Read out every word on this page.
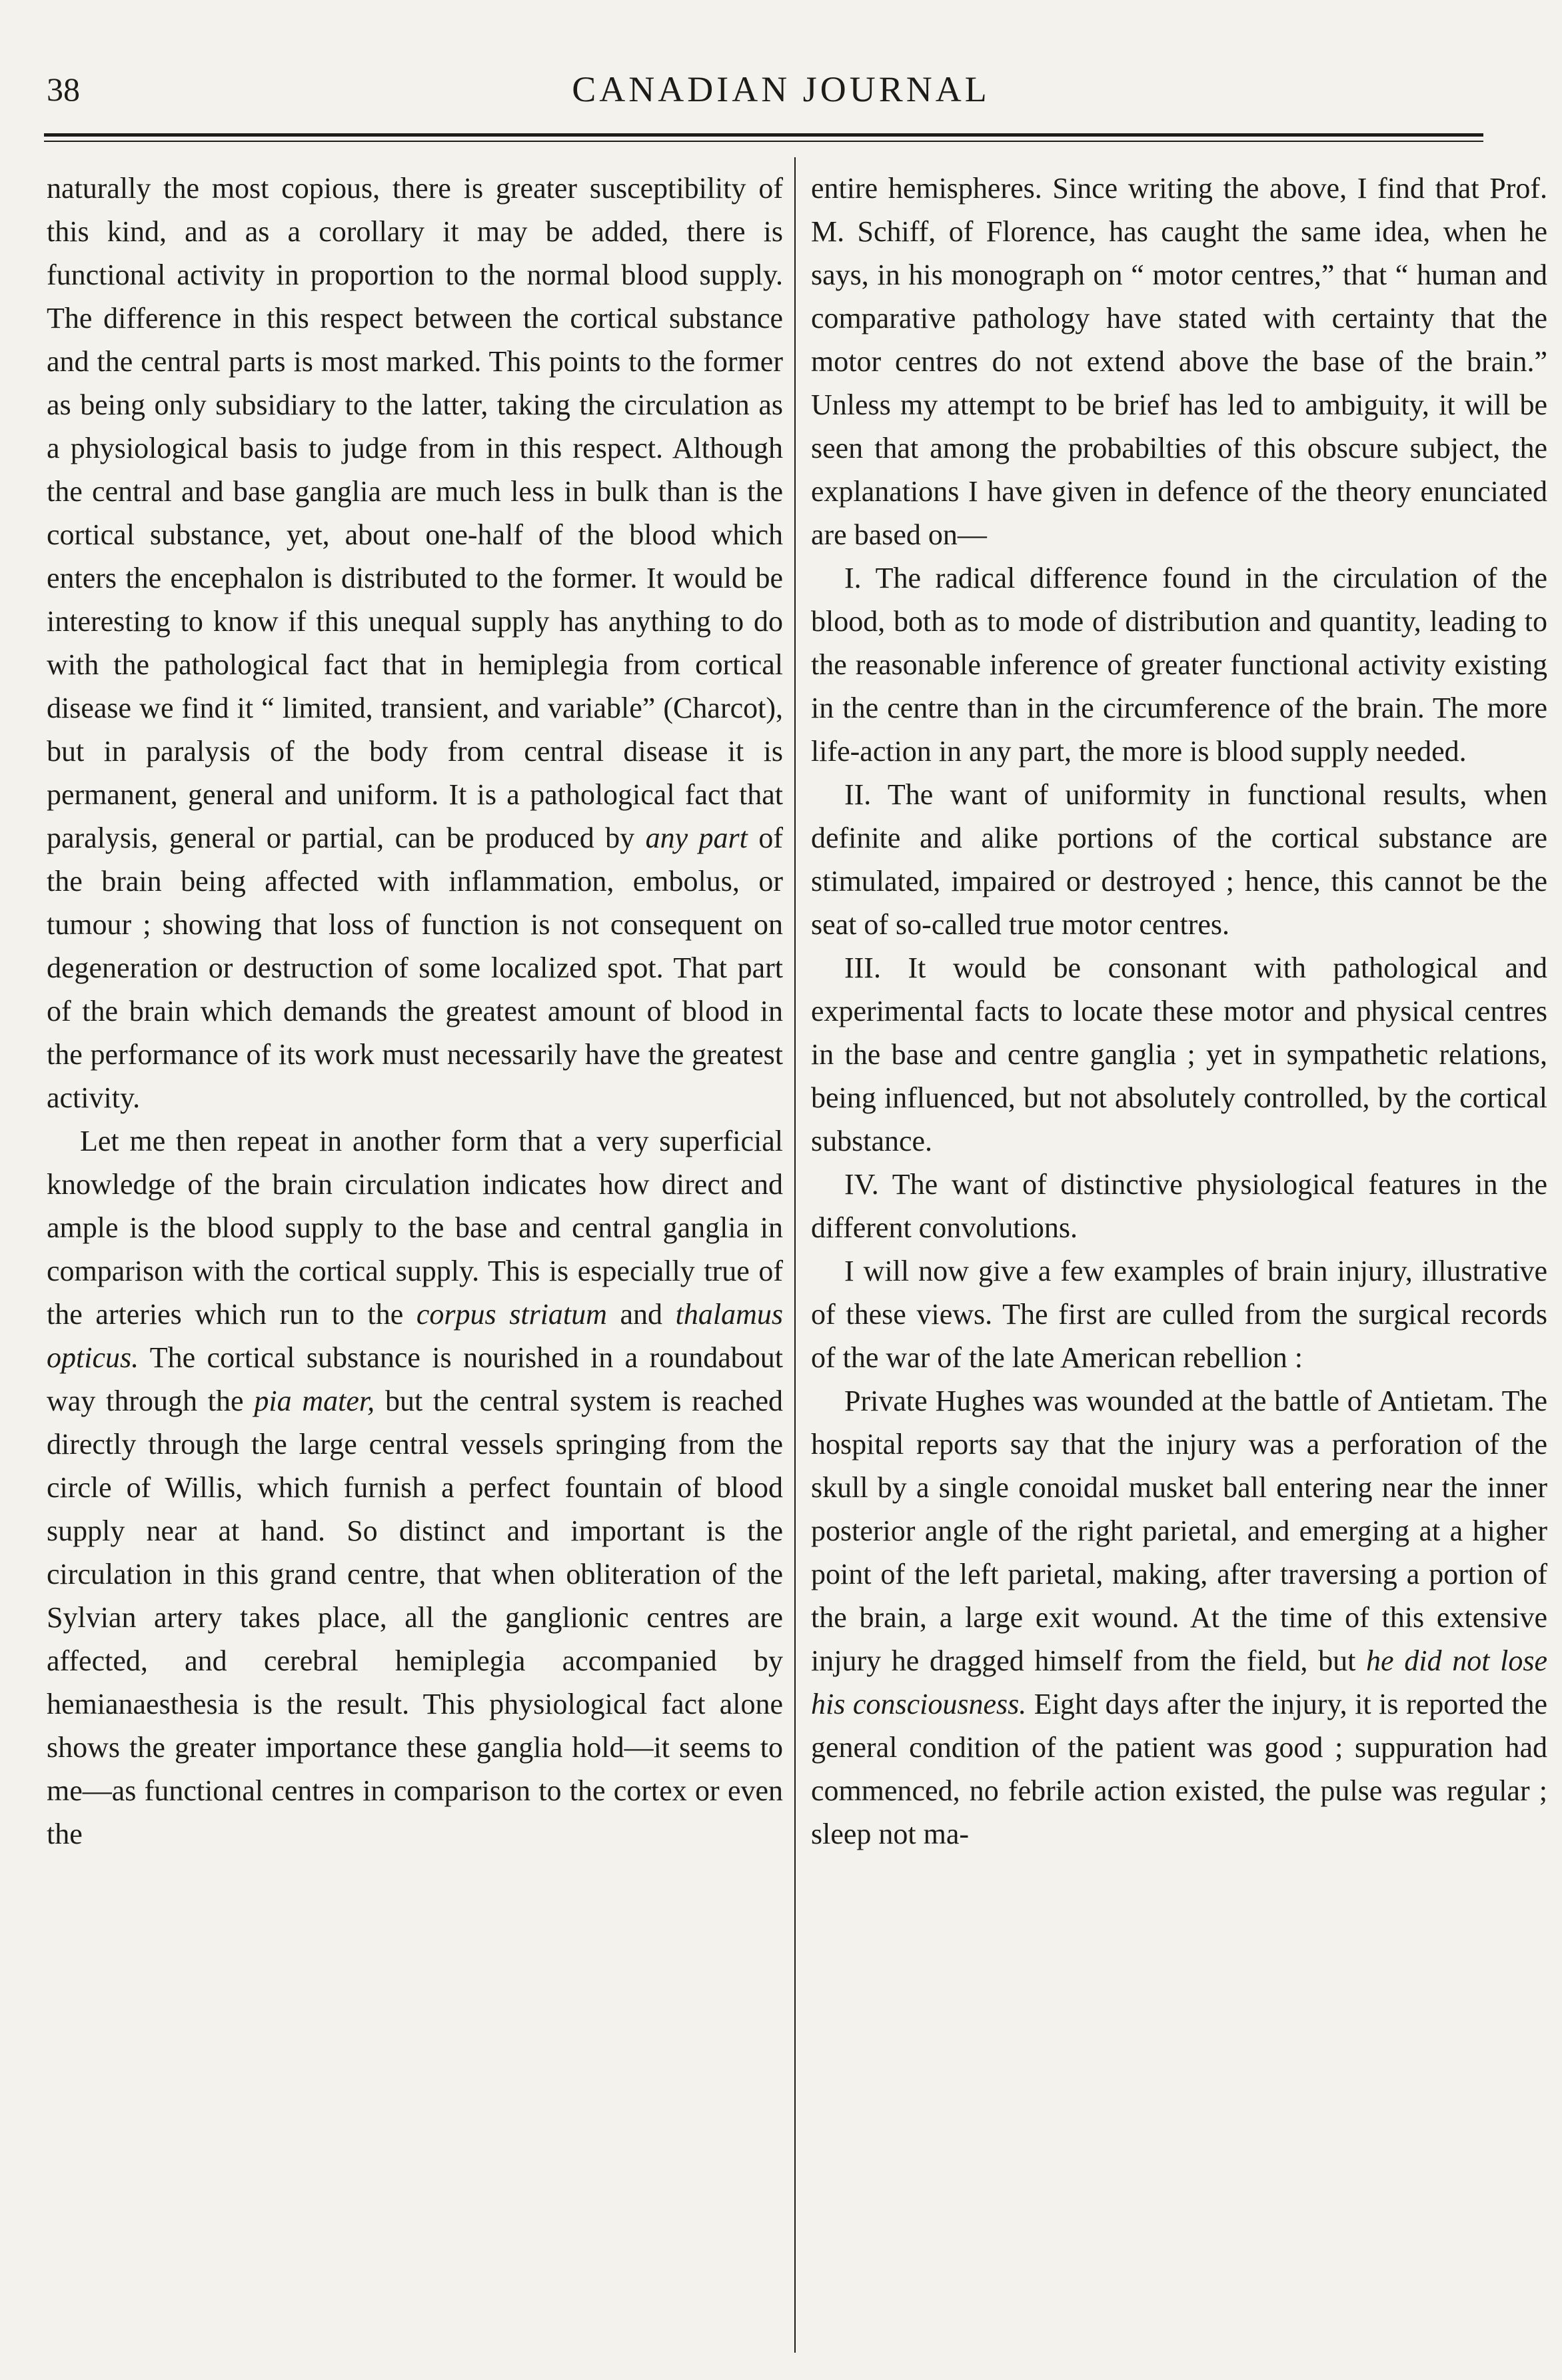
38	CANADIAN JOURNAL

naturally the most copious, there is greater susceptibility of this kind, and as a corollary it may be added, there is functional activity in proportion to the normal blood supply. The difference in this respect between the cortical substance and the central parts is most marked. This points to the former as being only subsidiary to the latter, taking the circulation as a physiological basis to judge from in this respect. Although the central and base ganglia are much less in bulk than is the cortical substance, yet, about one-half of the blood which enters the encephalon is distributed to the former. It would be interesting to know if this unequal supply has anything to do with the pathological fact that in hemiplegia from cortical disease we find it “ limited, transient, and variable” (Charcot), but in paralysis of the body from central disease it is permanent, general and uniform. It is a pathological fact that paralysis, general or partial, can be produced by any part of the brain being affected with inflammation, embolus, or tumour ; showing that loss of function is not consequent on degeneration or destruction of some localized spot. That part of the brain which demands the greatest amount of blood in the performance of its work must necessarily have the greatest activity.

Let me then repeat in another form that a very superficial knowledge of the brain circulation indicates how direct and ample is the blood supply to the base and central ganglia in comparison with the cortical supply. This is especially true of the arteries which run to the corpus striatum and thalamus opticus. The cortical substance is nourished in a roundabout way through the pia mater, but the central system is reached directly through the large central vessels springing from the circle of Willis, which furnish a perfect fountain of blood supply near at hand. So distinct and important is the circulation in this grand centre, that when obliteration of the Sylvian artery takes place, all the ganglionic centres are affected, and cerebral hemiplegia accompanied by hemianaesthesia is the result. This physiological fact alone shows the greater importance these ganglia hold—it seems to me—as functional centres in comparison to the cortex or even the

entire hemispheres. Since writing the above, I find that Prof. M. Schiff, of Florence, has caught the same idea, when he says, in his monograph on “ motor centres,” that “ human and comparative pathology have stated with certainty that the motor centres do not extend above the base of the brain.” Unless my attempt to be brief has led to ambiguity, it will be seen that among the probabilties of this obscure subject, the explanations I have given in defence of the theory enunciated are based on—

I. The radical difference found in the circulation of the blood, both as to mode of distribution and quantity, leading to the reasonable inference of greater functional activity existing in the centre than in the circumference of the brain. The more life-action in any part, the more is blood supply needed.

II. The want of uniformity in functional results, when definite and alike portions of the cortical substance are stimulated, impaired or destroyed ; hence, this cannot be the seat of so-called true motor centres.

III. It would be consonant with pathological and experimental facts to locate these motor and physical centres in the base and centre ganglia ; yet in sympathetic relations, being influenced, but not absolutely controlled, by the cortical substance.

IV. The want of distinctive physiological features in the different convolutions.

I will now give a few examples of brain injury, illustrative of these views. The first are culled from the surgical records of the war of the late American rebellion :

Private Hughes was wounded at the battle of Antietam. The hospital reports say that the injury was a perforation of the skull by a single conoidal musket ball entering near the inner posterior angle of the right parietal, and emerging at a higher point of the left parietal, making, after traversing a portion of the brain, a large exit wound. At the time of this extensive injury he dragged himself from the field, but he did not lose his consciousness. Eight days after the injury, it is reported the general condition of the patient was good ; suppuration had commenced, no febrile action existed, the pulse was regular ; sleep not ma-
